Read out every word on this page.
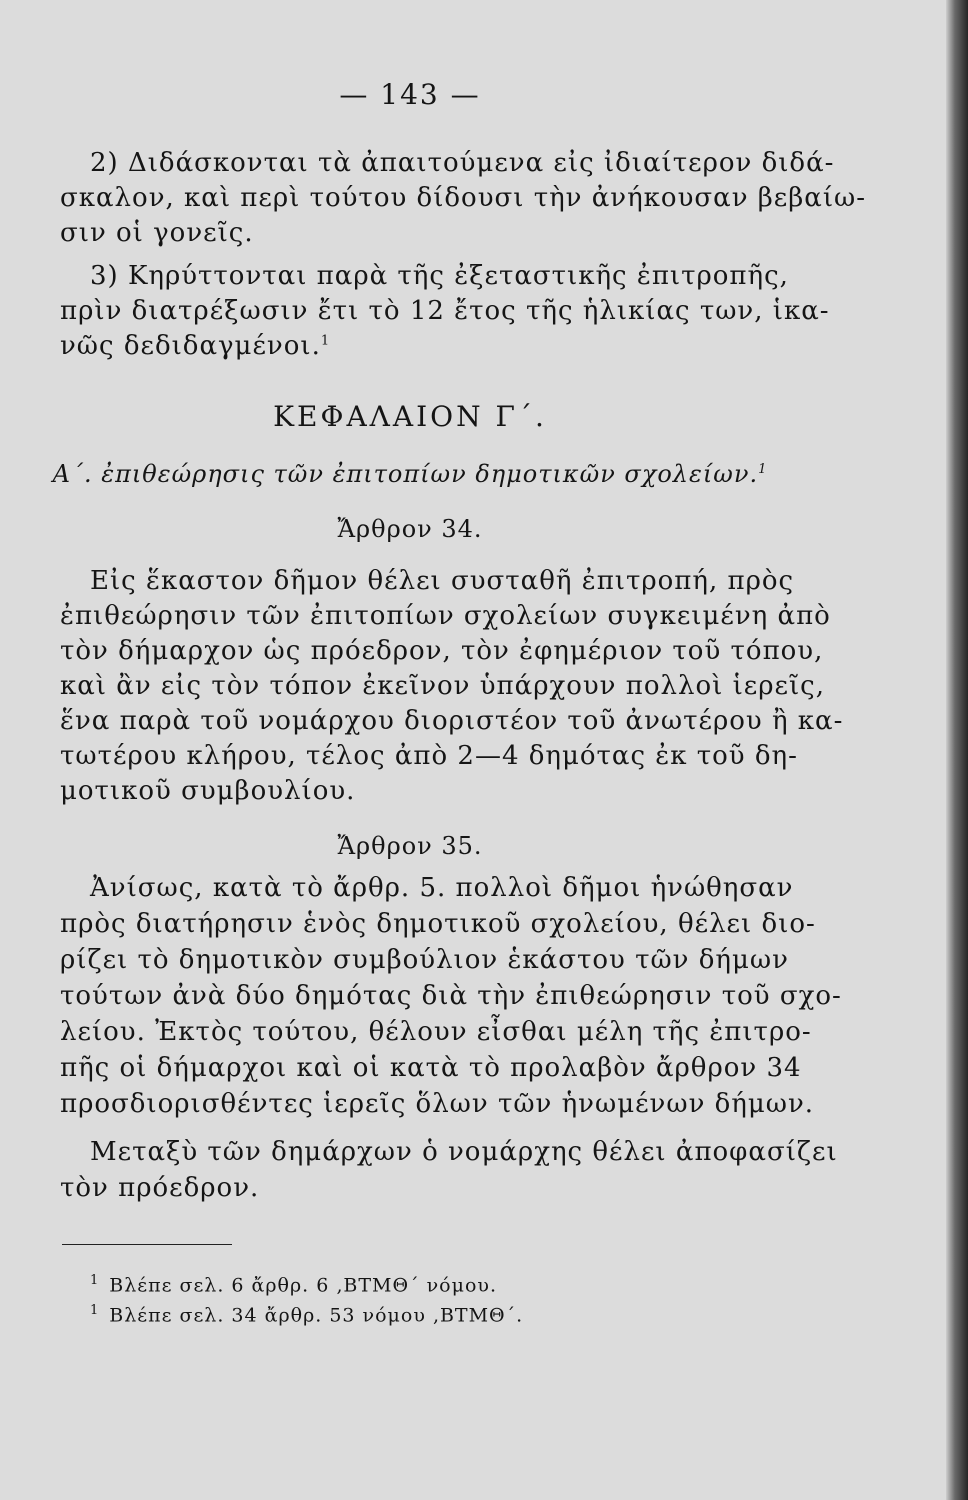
— 143 —
2) Διδάσκονται τὰ ἀπαιτούμενα εἰς ἰδιαίτερον διδά-
σκαλον, καὶ περὶ τούτου δίδουσι τὴν ἀνήκουσαν βεβαίω-
σιν οἱ γονεῖς.
3) Κηρύττονται παρὰ τῆς ἐξεταστικῆς ἐπιτροπῆς,
πρὶν διατρέξωσιν ἔτι τὸ 12 ἔτος τῆς ἡλικίας των, ἱκα-
νῶς δεδιδαγμένοι.$^1$
ΚΕΦΑΛΑΙΟΝ Γ΄.
Α΄. ἐπιθεώρησις τῶν ἐπιτοπίων δημοτικῶν σχολείων.$^1$
Ἄρθρον 34.
Εἰς ἕκαστον δῆμον θέλει συσταθῆ ἐπιτροπή, πρὸς
ἐπιθεώρησιν τῶν ἐπιτοπίων σχολείων συγκειμένη ἀπὸ
τὸν δήμαρχον ὡς πρόεδρον, τὸν ἐφημέριον τοῦ τόπου,
καὶ ἂν εἰς τὸν τόπον ἐκεῖνον ὑπάρχουν πολλοὶ ἱερεῖς,
ἕνα παρὰ τοῦ νομάρχου διοριστέον τοῦ ἀνωτέρου ἢ κα-
τωτέρου κλήρου, τέλος ἀπὸ 2—4 δημότας ἐκ τοῦ δη-
μοτικοῦ συμβουλίου.
Ἄρθρον 35.
Ἀνίσως, κατὰ τὸ ἄρθρ. 5. πολλοὶ δῆμοι ἡνώθησαν
πρὸς διατήρησιν ἑνὸς δημοτικοῦ σχολείου, θέλει διο-
ρίζει τὸ δημοτικὸν συμβούλιον ἑκάστου τῶν δήμων
τούτων ἀνὰ δύο δημότας διὰ τὴν ἐπιθεώρησιν τοῦ σχο-
λείου. Ἐκτὸς τούτου, θέλουν εἶσθαι μέλη τῆς ἐπιτρο-
πῆς οἱ δήμαρχοι καὶ οἱ κατὰ τὸ προλαβὸν ἄρθρον 34
προσδιορισθέντες ἱερεῖς ὅλων τῶν ἡνωμένων δήμων.
Μεταξὺ τῶν δημάρχων ὁ νομάρχης θέλει ἀποφασίζει
τὸν πρόεδρον.
$^1$ Βλέπε σελ. 6 ἄρθρ. 6 ‚ΒΤΜΘ΄ νόμου.
$^1$ Βλέπε σελ. 34 ἄρθρ. 53 νόμου ‚ΒΤΜΘ΄.
